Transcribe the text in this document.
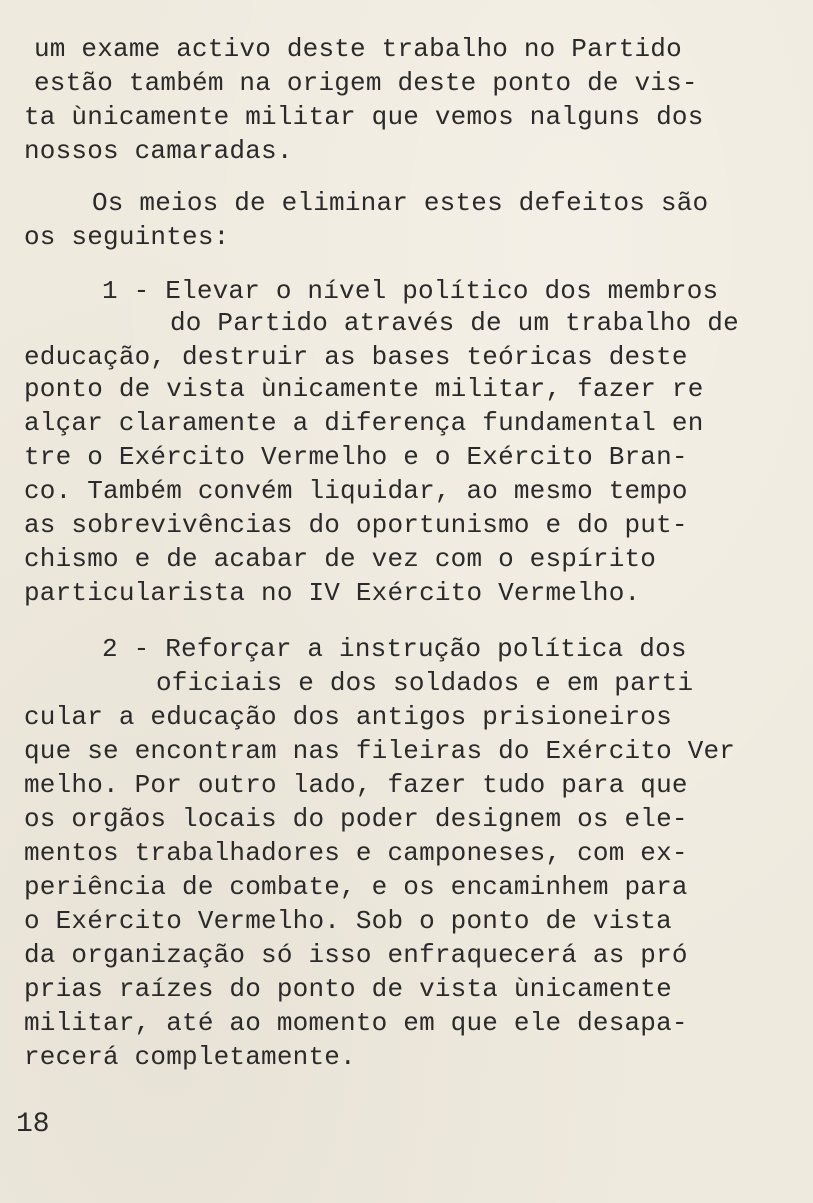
um exame activo deste trabalho no Partido
estão também na origem deste ponto de vis-
ta ùnicamente militar que vemos nalguns dos
nossos camaradas.
Os meios de eliminar estes defeitos são
os seguintes:
1 - Elevar o nível político dos membros
do Partido através de um trabalho de
educação, destruir as bases teóricas deste
ponto de vista ùnicamente militar, fazer re
alçar claramente a diferença fundamental en
tre o Exército Vermelho e o Exército Bran-
co. Também convém liquidar, ao mesmo tempo
as sobrevivências do oportunismo e do put-
chismo e de acabar de vez com o espírito
particularista no IV Exército Vermelho.
2 - Reforçar a instrução política dos
oficiais e dos soldados e em parti
cular a educação dos antigos prisioneiros
que se encontram nas fileiras do Exército Ver
melho. Por outro lado, fazer tudo para que
os orgãos locais do poder designem os ele-
mentos trabalhadores e camponeses, com ex-
periência de combate, e os encaminhem para
o Exército Vermelho. Sob o ponto de vista
da organização só isso enfraquecerá as pró
prias raízes do ponto de vista ùnicamente
militar, até ao momento em que ele desapa-
recerá completamente.
18
